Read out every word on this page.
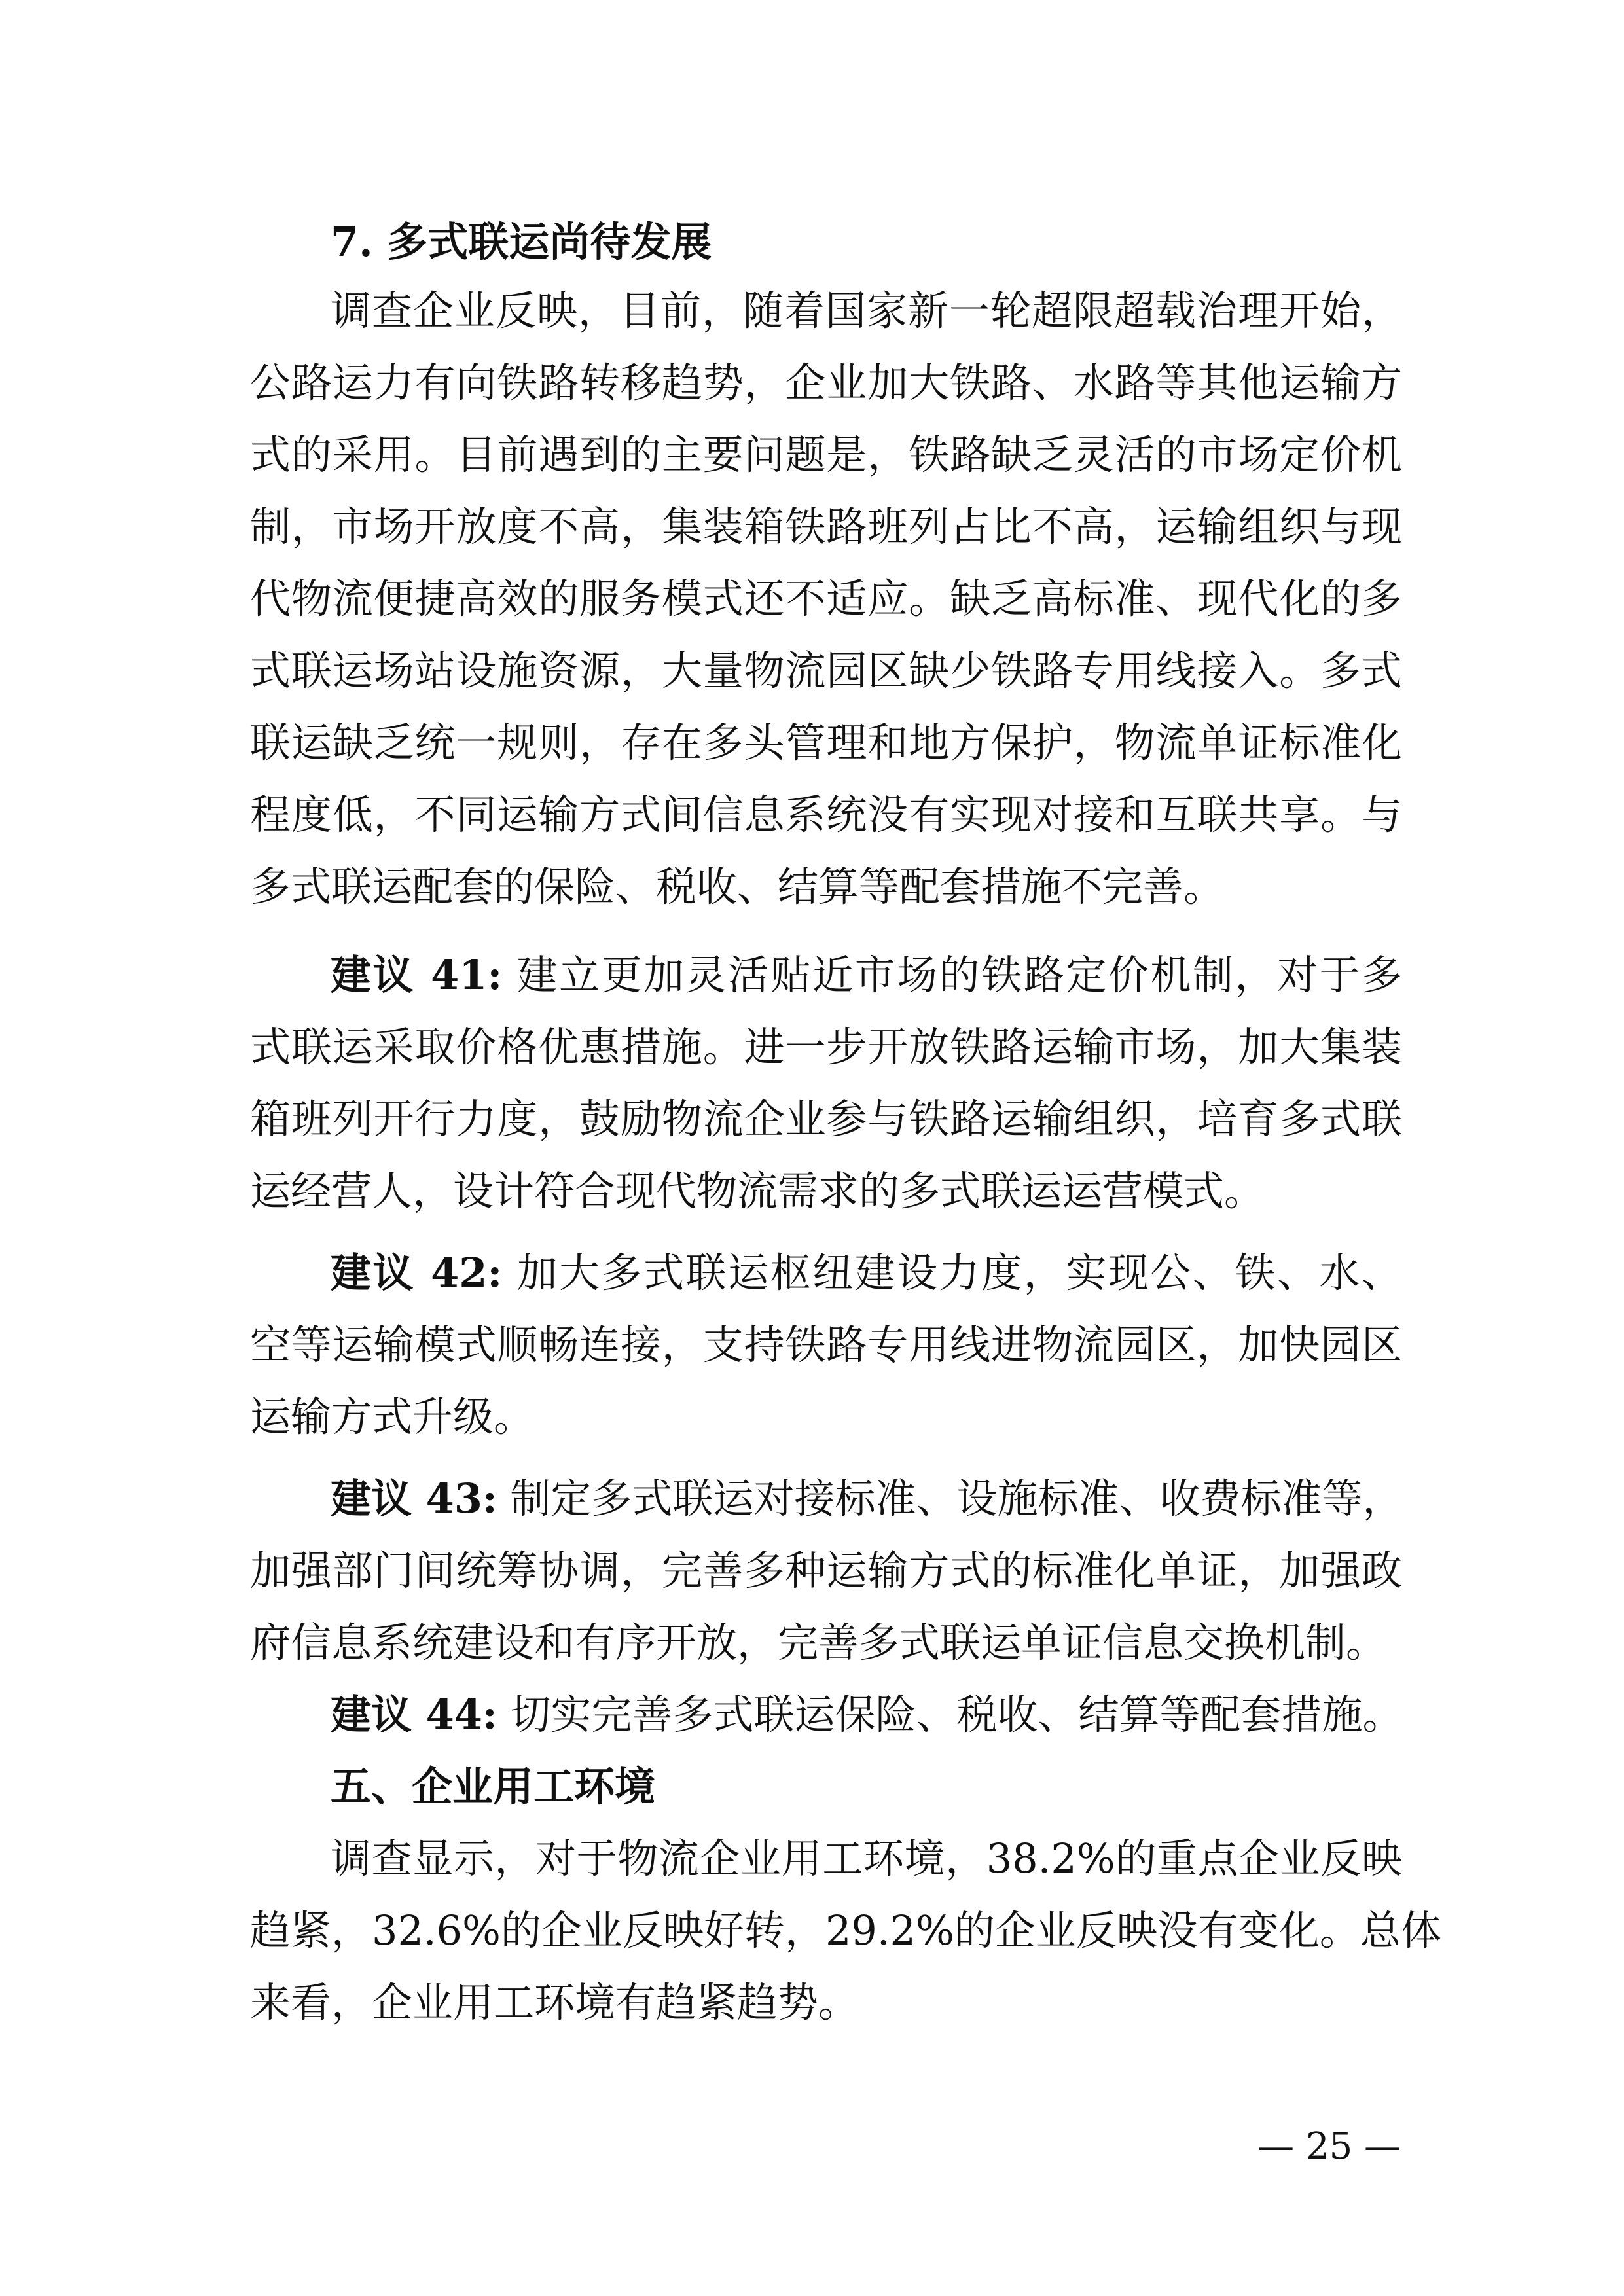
7. 多式联运尚待发展
调查企业反映，目前，随着国家新一轮超限超载治理开始，
公路运力有向铁路转移趋势，企业加大铁路、水路等其他运输方
式的采用。目前遇到的主要问题是，铁路缺乏灵活的市场定价机
制，市场开放度不高，集装箱铁路班列占比不高，运输组织与现
代物流便捷高效的服务模式还不适应。缺乏高标准、现代化的多
式联运场站设施资源，大量物流园区缺少铁路专用线接入。多式
联运缺乏统一规则，存在多头管理和地方保护，物流单证标准化
程度低，不同运输方式间信息系统没有实现对接和互联共享。与
多式联运配套的保险、税收、结算等配套措施不完善。
建议 41: 建立更加灵活贴近市场的铁路定价机制，对于多
式联运采取价格优惠措施。进一步开放铁路运输市场，加大集装
箱班列开行力度，鼓励物流企业参与铁路运输组织，培育多式联
运经营人，设计符合现代物流需求的多式联运运营模式。
建议 42: 加大多式联运枢纽建设力度，实现公、铁、水、
空等运输模式顺畅连接，支持铁路专用线进物流园区，加快园区
运输方式升级。
建议 43: 制定多式联运对接标准、设施标准、收费标准等，
加强部门间统筹协调，完善多种运输方式的标准化单证，加强政
府信息系统建设和有序开放，完善多式联运单证信息交换机制。
建议 44: 切实完善多式联运保险、税收、结算等配套措施。
五、企业用工环境
调查显示，对于物流企业用工环境，38.2%的重点企业反映
趋紧，32.6%的企业反映好转，29.2%的企业反映没有变化。总体
来看，企业用工环境有趋紧趋势。
— 25 —
